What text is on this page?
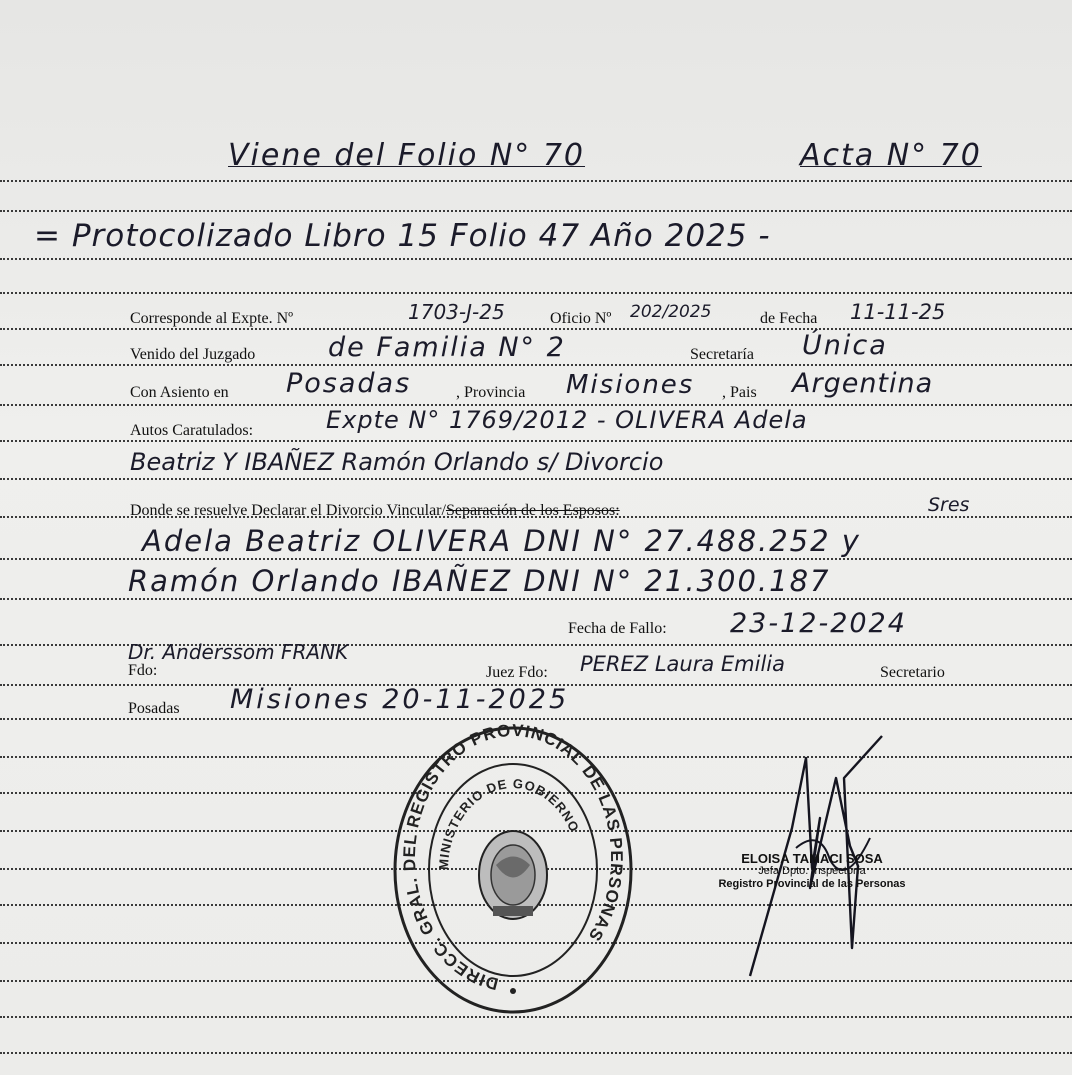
Viene del Folio N° 70	Acta N° 70
= Protocolizado Libro 15 Folio 47 Año 2025 -
Corresponde al Expte. Nº	1703-J-25	Oficio Nº 202/2025	de Fecha 11-11-25
Venido del Juzgado	de Familia N° 2	Secretaría Única
Con Asiento en Posadas	, Provincia Misiones , Pais Argentina
Autos Caratulados:	Expte N° 1769/2012 - OLIVERA Adela
Beatriz Y IBAÑEZ Ramón Orlando s/ Divorcio
Donde se resuelve Declarar el Divorcio Vincular/Separación de los Esposos:	Sres
Adela Beatriz OLIVERA DNI N° 27.488.252 y
Ramón Orlando IBAÑEZ DNI N° 21.300.187
Fecha de Fallo: 23-12-2024
Fdo:
Dr. Anderssom FRANK
Juez Fdo: PEREZ Laura Emilia	Secretario
Posadas Misiones 20-11-2025
DIRECC. GRAL. DEL REGISTRO PROVINCIAL DE LAS PERSONAS
MINISTERIO DE GOBIERNO
ELOISA TAMACI SOSA
Jefa Dpto. Inspectoría
Registro Provincial de las Personas
